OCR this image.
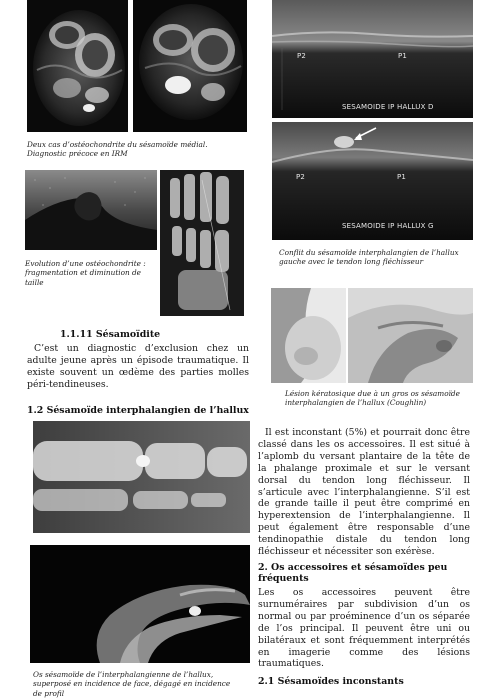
Deux cas d’ostéochondrite du sésamoïde médial. Diagnostic précoce en IRM
Evolution d’une ostéochondrite : fragmentation et diminution de taille
1.1.11 Sésamoïdite
C’est un diagnostic d’exclusion chez un adulte jeune après un épisode traumatique. Il existe souvent un œdème des parties molles péri-tendineuses.
1.2 Sésamoïde interphalangien de l’hallux
Os sésamoïde de l’interphalangienne de l’hallux, superposé en incidence de face, dégagé en incidence de profil
P2	P1
SESAMOIDE IP HALLUX D
P2	P1
SESAMOIDE IP HALLUX G
Conflit du sésamoïde interphalangien de l’hallux gauche avec le tendon long fléchisseur
Lésion kératosique due à un gros os sésamoïde interphalangien de l’hallux (Coughlin)
Il est inconstant (5%) et pourrait donc être classé dans les os accessoires. Il est situé à l’aplomb du versant plantaire de la tête de la phalange proximale et sur le versant dorsal du tendon long fléchisseur. Il s’articule avec l’interphalangienne. S’il est de grande taille il peut être comprimé en hyperextension de l’interphalangienne. Il peut également être responsable d’une tendinopathie distale du tendon long fléchisseur et nécessiter son exérèse.
2. Os accessoires et sésamoïdes peu fréquents
Les os accessoires peuvent être surnuméraires par subdivision d’un os normal ou par proéminence d’un os séparée de l’os principal. Il peuvent être uni ou bilatéraux et sont fréquemment interprétés en imagerie comme des lésions traumatiques.
2.1 Sésamoïdes inconstants
